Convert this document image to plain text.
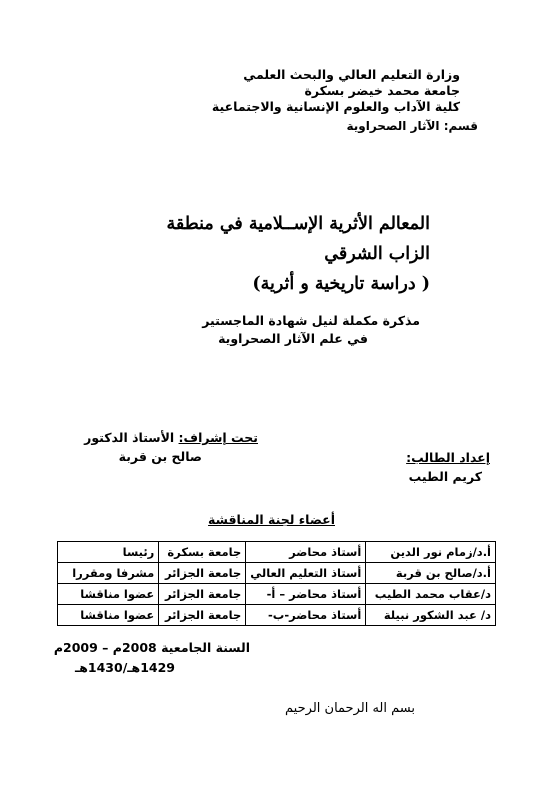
وزارة التعليم العالي والبحث العلمي
جامعة محمد خيضر بسكرة
كلية الآداب والعلوم الإنسانية والاجتماعية
قسم: الآثار الصحراوية
المعالم الأثرية الإســلامية في منطقة
الزاب الشرقي
( دراسة تاريخية و أثرية)
مذكرة مكملة لنيل شهادة الماجستير
في علم الآثار الصحراوية
تحت إشراف: الأستاذ الدكتور
صالح بن قربة	إعداد الطالب:
كريم الطيب
أعضاء لجنة المناقشة
أ.د/زمام نور الدين	أستاذ محاضر	جامعة بسكرة	رئيسا
أ.د/صالح بن قربة	أستاذ التعليم العالي	جامعة الجزائر	مشرفا ومقررا
د/عقاب محمد الطيب	أستاذ محاضر – أ-	جامعة الجزائر	عضوا مناقشا
د/ عبد الشكور نبيلة	أستاذ محاضر-ب-	جامعة الجزائر	عضوا مناقشا
السنة الجامعية 2008م – 2009م
1429هـ/1430هـ
بسم اله الرحمان الرحيم
